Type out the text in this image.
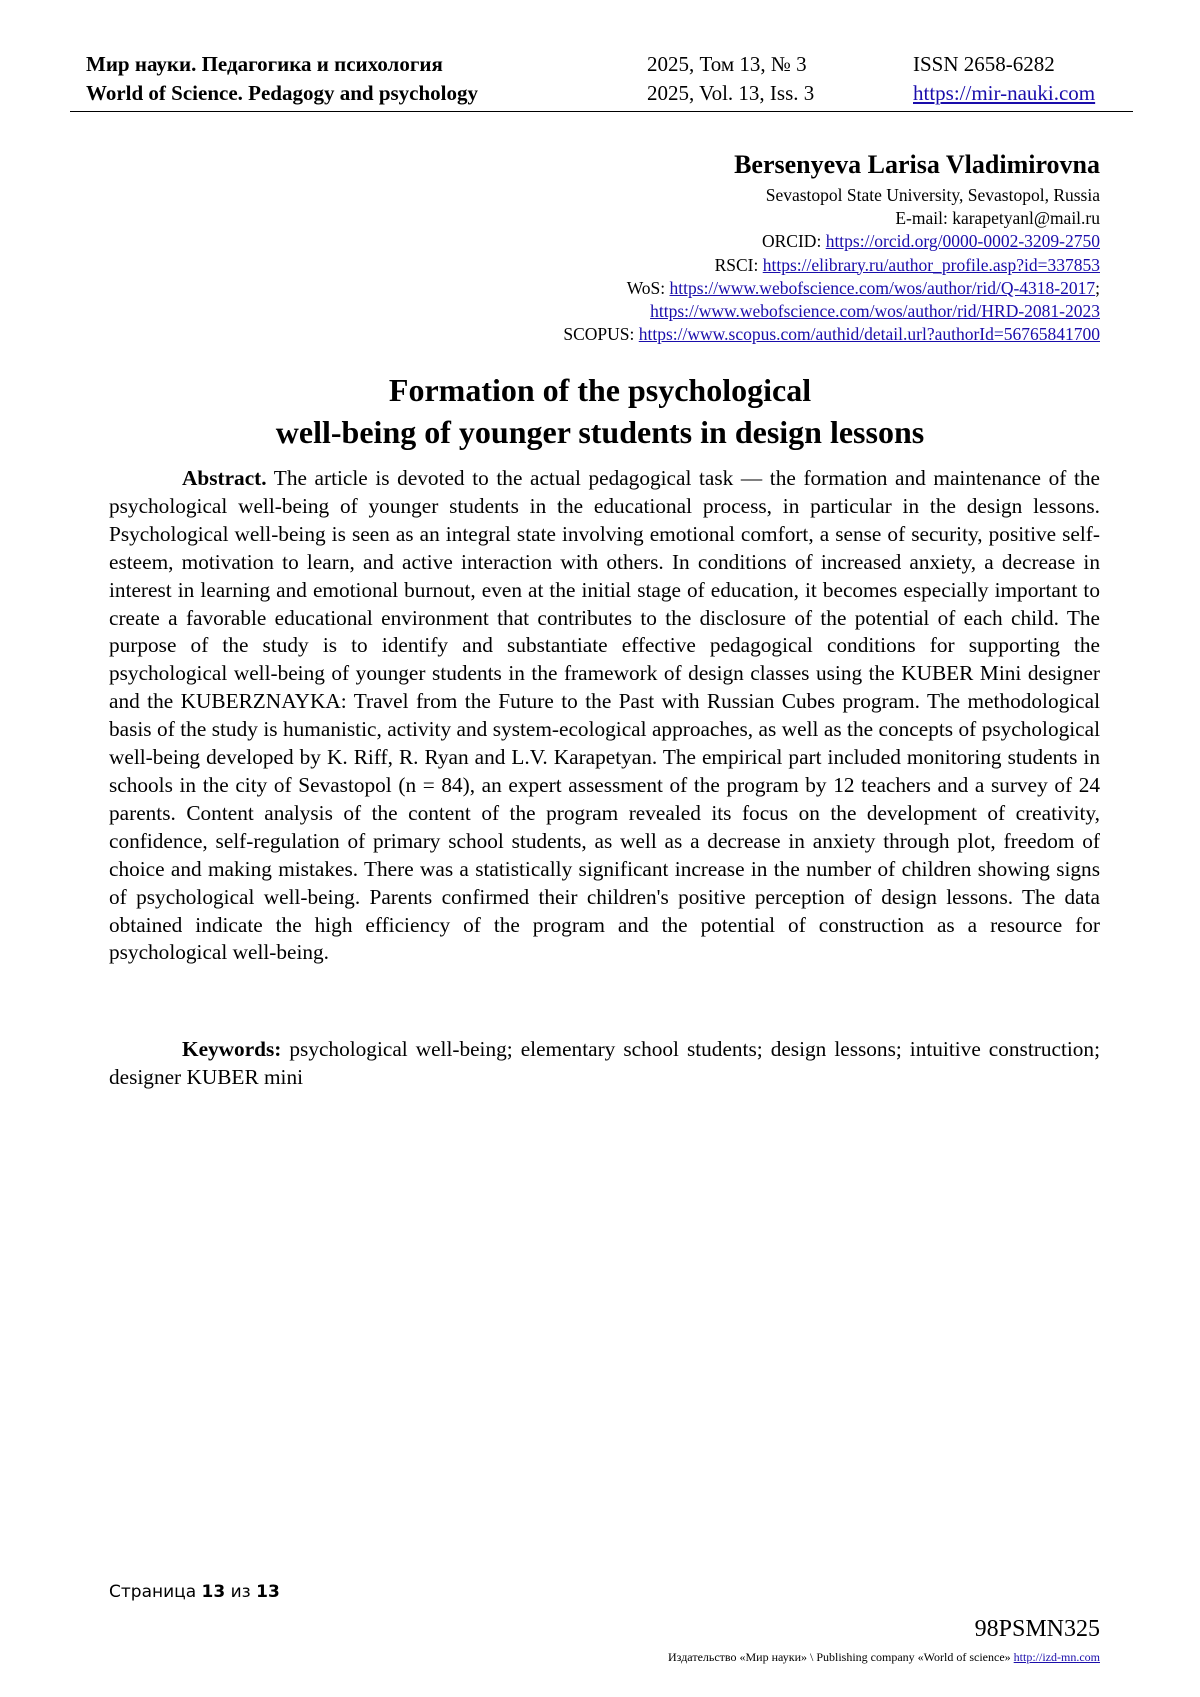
Мир науки. Педагогика и психология
World of Science. Pedagogy and psychology
2025, Том 13, № 3
2025, Vol. 13, Iss. 3
ISSN 2658-6282
https://mir-nauki.com
Bersenyeva Larisa Vladimirovna
Sevastopol State University, Sevastopol, Russia
E-mail: karapetyanl@mail.ru
ORCID: https://orcid.org/0000-0002-3209-2750
RSCI: https://elibrary.ru/author_profile.asp?id=337853
WoS: https://www.webofscience.com/wos/author/rid/Q-4318-2017;
https://www.webofscience.com/wos/author/rid/HRD-2081-2023
SCOPUS: https://www.scopus.com/authid/detail.url?authorId=56765841700
Formation of the psychological
well-being of younger students in design lessons

Abstract. The article is devoted to the actual pedagogical task — the formation and maintenance of the psychological well-being of younger students in the educational process, in particular in the design lessons. Psychological well-being is seen as an integral state involving emotional comfort, a sense of security, positive self-esteem, motivation to learn, and active interaction with others. In conditions of increased anxiety, a decrease in interest in learning and emotional burnout, even at the initial stage of education, it becomes especially important to create a favorable educational environment that contributes to the disclosure of the potential of each child. The purpose of the study is to identify and substantiate effective pedagogical conditions for supporting the psychological well-being of younger students in the framework of design classes using the KUBER Mini designer and the KUBERZNAYKA: Travel from the Future to the Past with Russian Cubes program. The methodological basis of the study is humanistic, activity and system-ecological approaches, as well as the concepts of psychological well-being developed by K. Riff, R. Ryan and L.V. Karapetyan. The empirical part included monitoring students in schools in the city of Sevastopol (n = 84), an expert assessment of the program by 12 teachers and a survey of 24 parents. Content analysis of the content of the program revealed its focus on the development of creativity, confidence, self-regulation of primary school students, as well as a decrease in anxiety through plot, freedom of choice and making mistakes. There was a statistically significant increase in the number of children showing signs of psychological well-being. Parents confirmed their children's positive perception of design lessons. The data obtained indicate the high efficiency of the program and the potential of construction as a resource for psychological well-being.

Keywords: psychological well-being; elementary school students; design lessons; intuitive construction; designer KUBER mini

Страница 13 из 13
98PSMN325
Издательство «Мир науки» \ Publishing company «World of science» http://izd-mn.com
